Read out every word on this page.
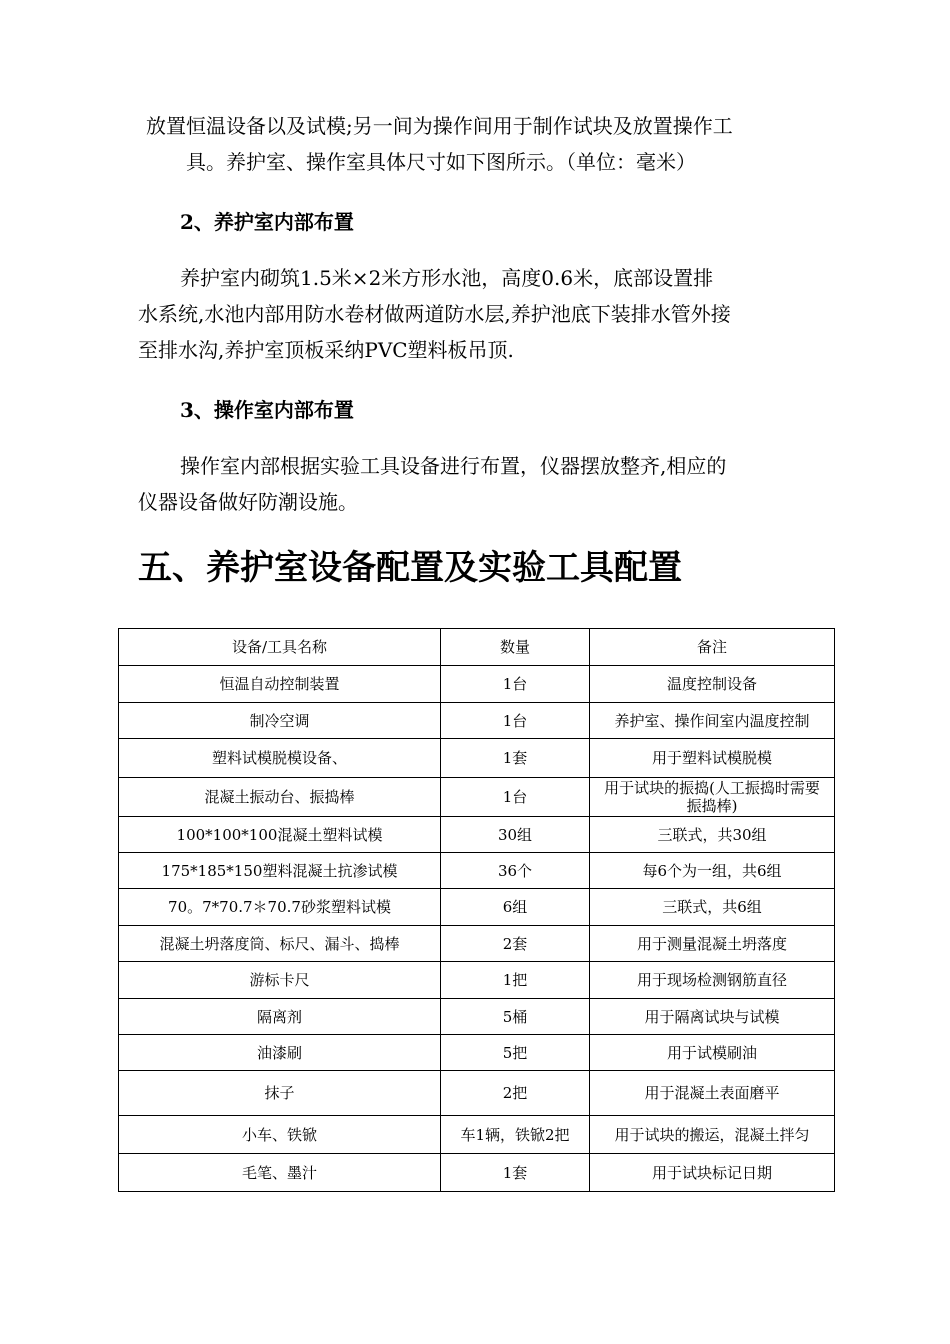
放置恒温设备以及试模;另一间为操作间用于制作试块及放置操作工
具。养护室、操作室具体尺寸如下图所示。（单位：毫米）
2、养护室内部布置
养护室内砌筑1.5米×2米方形水池，高度0.6米，底部设置排
水系统,水池内部用防水卷材做两道防水层,养护池底下装排水管外接
至排水沟,养护室顶板采纳PVC塑料板吊顶.
3、操作室内部布置
操作室内部根据实验工具设备进行布置，仪器摆放整齐,相应的
仪器设备做好防潮设施。
五、养护室设备配置及实验工具配置
设备/工具名称	数量	备注
恒温自动控制装置	1台	温度控制设备
制冷空调	1台	养护室、操作间室内温度控制
塑料试模脱模设备、	1套	用于塑料试模脱模
混凝土振动台、振捣棒	1台	用于试块的振捣(人工振捣时需要振捣棒)
100*100*100混凝土塑料试模	30组	三联式，共30组
175*185*150塑料混凝土抗渗试模	36个	每6个为一组，共6组
70。7*70.7＊70.7砂浆塑料试模	6组	三联式，共6组
混凝土坍落度筒、标尺、漏斗、捣棒	2套	用于测量混凝土坍落度
游标卡尺	1把	用于现场检测钢筋直径
隔离剂	5桶	用于隔离试块与试模
油漆刷	5把	用于试模刷油
抹子	2把	用于混凝土表面磨平
小车、铁锨	车1辆，铁锨2把	用于试块的搬运，混凝土拌匀
毛笔、墨汁	1套	用于试块标记日期
